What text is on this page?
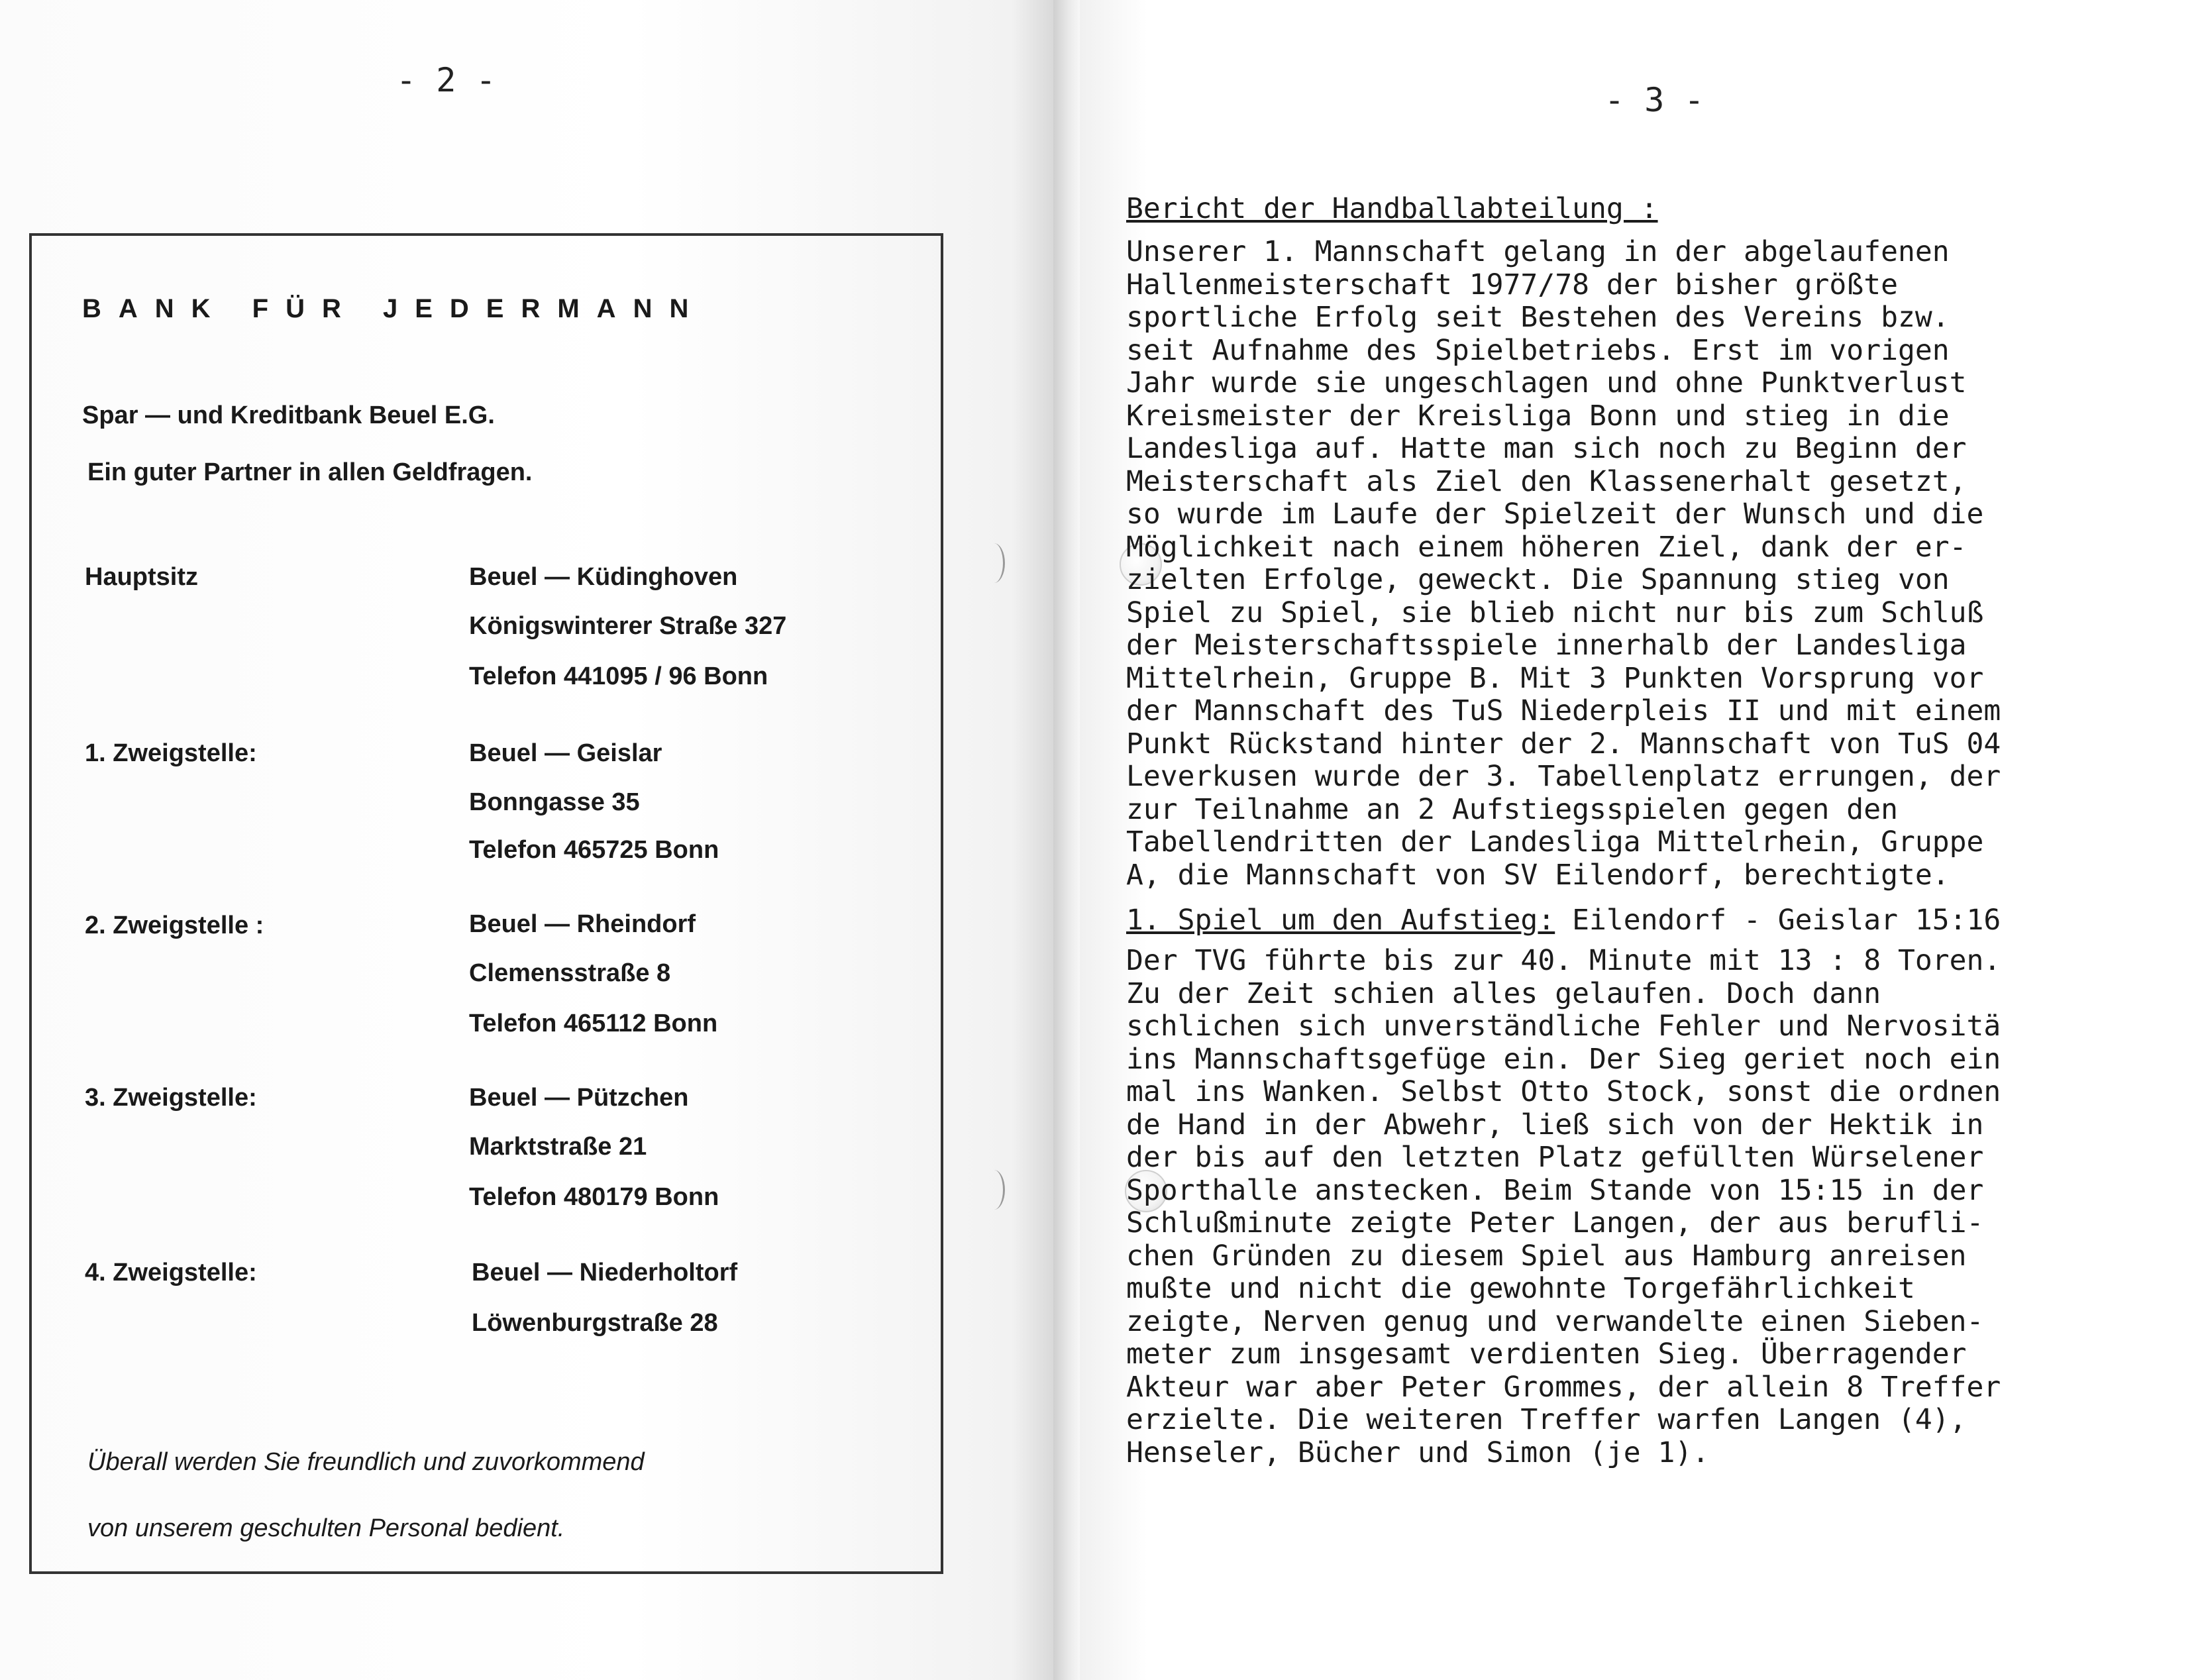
- 2 -
BANK FÜR JEDERMANN
Spar — und Kreditbank Beuel E.G.
Ein guter Partner in allen Geldfragen.
Hauptsitz	Beuel — Küdinghoven
Königswinterer Straße 327
Telefon 441095 / 96 Bonn
1. Zweigstelle:	Beuel — Geislar
Bonngasse 35
Telefon 465725 Bonn
2. Zweigstelle :	Beuel — Rheindorf
Clemensstraße 8
Telefon 465112 Bonn
3. Zweigstelle:	Beuel — Pützchen
Marktstraße 21
Telefon 480179 Bonn
4. Zweigstelle:	Beuel — Niederholtorf
Löwenburgstraße 28
Überall werden Sie freundlich und zuvorkommend
von unserem geschulten Personal bedient.
- 3 -
Bericht der Handballabteilung :
Unserer 1. Mannschaft gelang in der abgelaufenen
Hallenmeisterschaft 1977/78 der bisher größte
sportliche Erfolg seit Bestehen des Vereins bzw.
seit Aufnahme des Spielbetriebs. Erst im vorigen
Jahr wurde sie ungeschlagen und ohne Punktverlust
Kreismeister der Kreisliga Bonn und stieg in die
Landesliga auf. Hatte man sich noch zu Beginn der
Meisterschaft als Ziel den Klassenerhalt gesetzt,
so wurde im Laufe der Spielzeit der Wunsch und die
Möglichkeit nach einem höheren Ziel, dank der er-
zielten Erfolge, geweckt. Die Spannung stieg von
Spiel zu Spiel, sie blieb nicht nur bis zum Schluß
der Meisterschaftsspiele innerhalb der Landesliga
Mittelrhein, Gruppe B. Mit 3 Punkten Vorsprung vor
der Mannschaft des TuS Niederpleis II und mit einem
Punkt Rückstand hinter der 2. Mannschaft von TuS 04
Leverkusen wurde der 3. Tabellenplatz errungen, der
zur Teilnahme an 2 Aufstiegsspielen gegen den
Tabellendritten der Landesliga Mittelrhein, Gruppe
A, die Mannschaft von SV Eilendorf, berechtigte.
1. Spiel um den Aufstieg: Eilendorf - Geislar 15:16
Der TVG führte bis zur 40. Minute mit 13 : 8 Toren.
Zu der Zeit schien alles gelaufen. Doch dann
schlichen sich unverständliche Fehler und Nervositä
ins Mannschaftsgefüge ein. Der Sieg geriet noch ein
mal ins Wanken. Selbst Otto Stock, sonst die ordnen
de Hand in der Abwehr, ließ sich von der Hektik in
der bis auf den letzten Platz gefüllten Würselener
Sporthalle anstecken. Beim Stande von 15:15 in der
Schlußminute zeigte Peter Langen, der aus berufli-
chen Gründen zu diesem Spiel aus Hamburg anreisen
mußte und nicht die gewohnte Torgefährlichkeit
zeigte, Nerven genug und verwandelte einen Sieben-
meter zum insgesamt verdienten Sieg. Überragender
Akteur war aber Peter Grommes, der allein 8 Treffer
erzielte. Die weiteren Treffer warfen Langen (4),
Henseler, Bücher und Simon (je 1).
